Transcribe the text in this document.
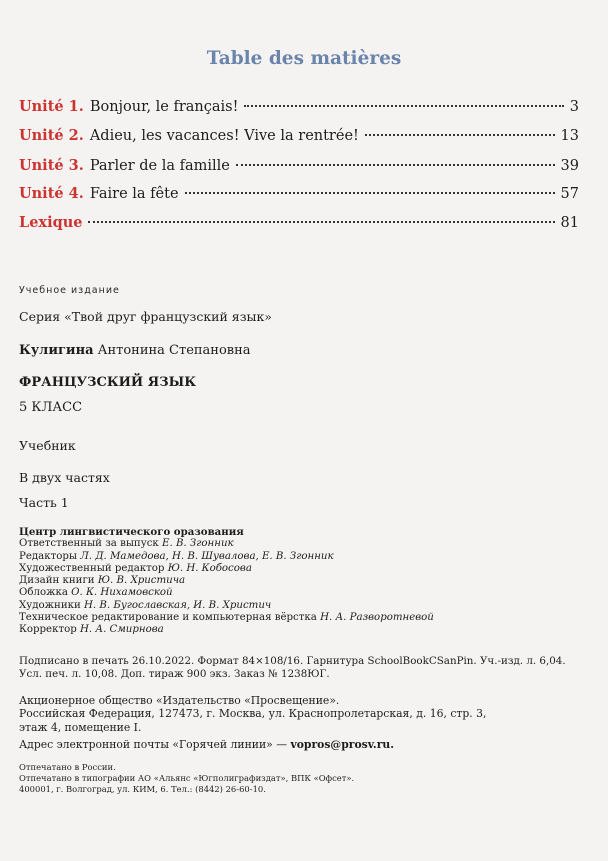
Table des matières
Unité 1. Bonjour, le français!	3
Unité 2. Adieu, les vacances! Vive la rentrée!	13
Unité 3. Parler de la famille	39
Unité 4. Faire la fête	57
Lexique	81
Учебное издание
Серия «Твой друг французский язык»
Кулигина Антонина Степановна
ФРАНЦУЗСКИЙ ЯЗЫК
5 КЛАСС
Учебник
В двух частях
Часть 1
Центр лингвистического оразования
Ответственный за выпуск Е. В. Згонник
Редакторы Л. Д. Мамедова, Н. В. Шувалова, Е. В. Згонник
Художественный редактор Ю. Н. Кобосова
Дизайн книги Ю. В. Христича
Обложка О. К. Нихамовской
Художники Н. В. Бугославская, И. В. Христич
Техническое редактирование и компьютерная вёрстка Н. А. Разворотневой
Корректор Н. А. Смирнова
Подписано в печать 26.10.2022. Формат 84×108/16. Гарнитура SchoolBookCSanPin. Уч.-изд. л. 6,04.
Усл. печ. л. 10,08. Доп. тираж 900 экз. Заказ № 1238ЮГ.
Акционерное общество «Издательство «Просвещение».
Российская Федерация, 127473, г. Москва, ул. Краснопролетарская, д. 16, стр. 3,
этаж 4, помещение I.
Адрес электронной почты «Горячей линии» — vopros@prosv.ru.
Отпечатано в России.
Отпечатано в типографии АО «Альянс «Югполиграфиздат», ВПК «Офсет».
400001, г. Волгоград, ул. КИМ, 6. Тел.: (8442) 26-60-10.
